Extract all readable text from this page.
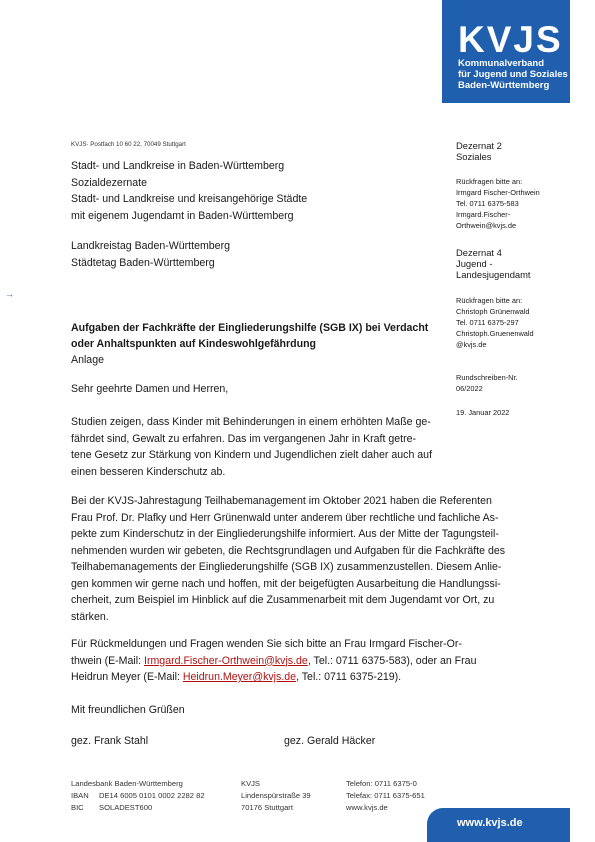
KVJS
Kommunalverband
für Jugend und Soziales
Baden-Württemberg
→
KVJS· Postfach 10 60 22, 70049 Stuttgart
Stadt- und Landkreise in Baden-Württemberg
Sozialdezernate
Stadt- und Landkreise und kreisangehörige Städte
mit eigenem Jugendamt in Baden-Württemberg
Landkreistag Baden-Württemberg
Städtetag Baden-Württemberg
Dezernat 2
Soziales
Rückfragen bitte an:
Irmgard Fischer-Orthwein
Tel. 0711 6375-583
Irmgard.Fischer-
Orthwein@kvjs.de
Dezernat 4
Jugend -
Landesjugendamt
Rückfragen bitte an:
Christoph Grünenwald
Tel. 0711 6375-297
Christoph.Gruenenwald
@kvjs.de
Rundschreiben-Nr.
06/2022
19. Januar 2022
Aufgaben der Fachkräfte der Eingliederungshilfe (SGB IX) bei Verdacht
oder Anhaltspunkten auf Kindeswohlgefährdung
Anlage
Sehr geehrte Damen und Herren,
Studien zeigen, dass Kinder mit Behinderungen in einem erhöhten Maße ge-
fährdet sind, Gewalt zu erfahren. Das im vergangenen Jahr in Kraft getre-
tene Gesetz zur Stärkung von Kindern und Jugendlichen zielt daher auch auf
einen besseren Kinderschutz ab.
Bei der KVJS-Jahrestagung Teilhabemanagement im Oktober 2021 haben die Referenten
Frau Prof. Dr. Plafky und Herr Grünenwald unter anderem über rechtliche und fachliche As-
pekte zum Kinderschutz in der Eingliederungshilfe informiert. Aus der Mitte der Tagungsteil-
nehmenden wurden wir gebeten, die Rechtsgrundlagen und Aufgaben für die Fachkräfte des
Teilhabemanagements der Eingliederungshilfe (SGB IX) zusammenzustellen. Diesem Anlie-
gen kommen wir gerne nach und hoffen, mit der beigefügten Ausarbeitung die Handlungssi-
cherheit, zum Beispiel im Hinblick auf die Zusammenarbeit mit dem Jugendamt vor Ort, zu
stärken.
Für Rückmeldungen und Fragen wenden Sie sich bitte an Frau Irmgard Fischer-Or-
thwein (E-Mail: Irmgard.Fischer-Orthwein@kvjs.de, Tel.: 0711 6375-583), oder an Frau
Heidrun Meyer (E-Mail: Heidrun.Meyer@kvjs.de, Tel.: 0711 6375-219).
Mit freundlichen Grüßen
gez. Frank Stahl	gez. Gerald Häcker
Landesbank Baden-Württemberg
IBAN DE14 6005 0101 0002 2282 82
BIC SOLADEST600
KVJS
Lindenspürstraße 39
70176 Stuttgart
Telefon: 0711 6375-0
Telefax: 0711 6375-651
www.kvjs.de
www.kvjs.de
